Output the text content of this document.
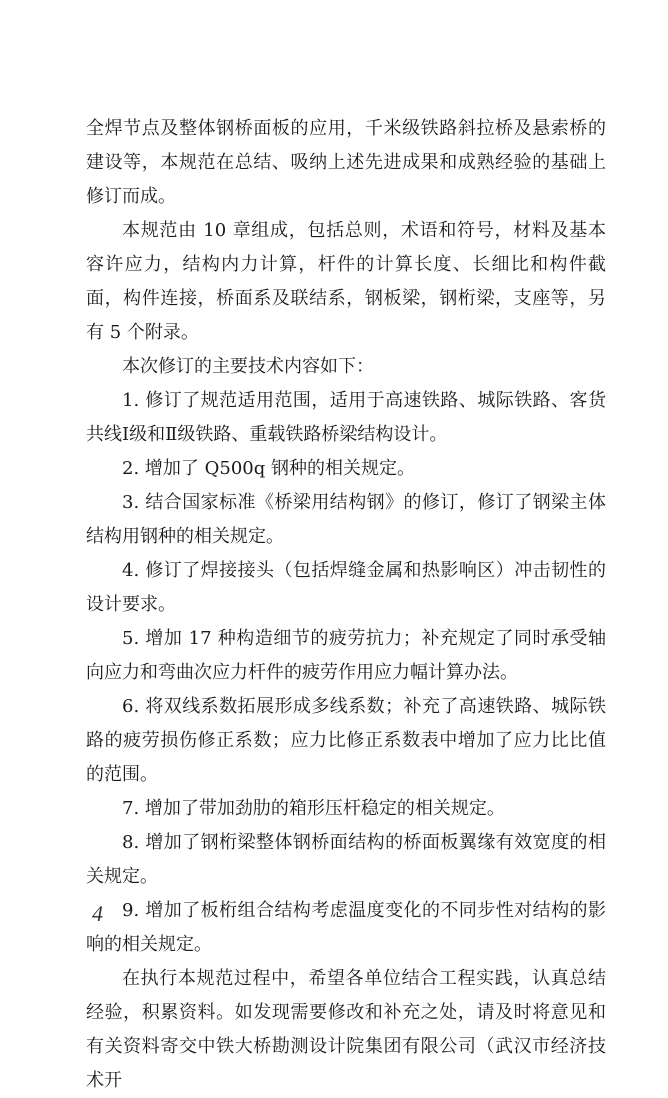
全焊节点及整体钢桥面板的应用，千米级铁路斜拉桥及悬索桥的建设等，本规范在总结、吸纳上述先进成果和成熟经验的基础上修订而成。

本规范由 10 章组成，包括总则，术语和符号，材料及基本容许应力，结构内力计算，杆件的计算长度、长细比和构件截面，构件连接，桥面系及联结系，钢板梁，钢桁梁，支座等，另有 5 个附录。

本次修订的主要技术内容如下：

1. 修订了规范适用范围，适用于高速铁路、城际铁路、客货共线Ⅰ级和Ⅱ级铁路、重载铁路桥梁结构设计。

2. 增加了 Q500q 钢种的相关规定。

3. 结合国家标准《桥梁用结构钢》的修订，修订了钢梁主体结构用钢种的相关规定。

4. 修订了焊接接头（包括焊缝金属和热影响区）冲击韧性的设计要求。

5. 增加 17 种构造细节的疲劳抗力；补充规定了同时承受轴向应力和弯曲次应力杆件的疲劳作用应力幅计算办法。

6. 将双线系数拓展形成多线系数；补充了高速铁路、城际铁路的疲劳损伤修正系数；应力比修正系数表中增加了应力比比值的范围。

7. 增加了带加劲肋的箱形压杆稳定的相关规定。

8. 增加了钢桁梁整体钢桥面结构的桥面板翼缘有效宽度的相关规定。

9. 增加了板桁组合结构考虑温度变化的不同步性对结构的影响的相关规定。

在执行本规范过程中，希望各单位结合工程实践，认真总结经验，积累资料。如发现需要修改和补充之处，请及时将意见和有关资料寄交中铁大桥勘测设计院集团有限公司（武汉市经济技术开

4
